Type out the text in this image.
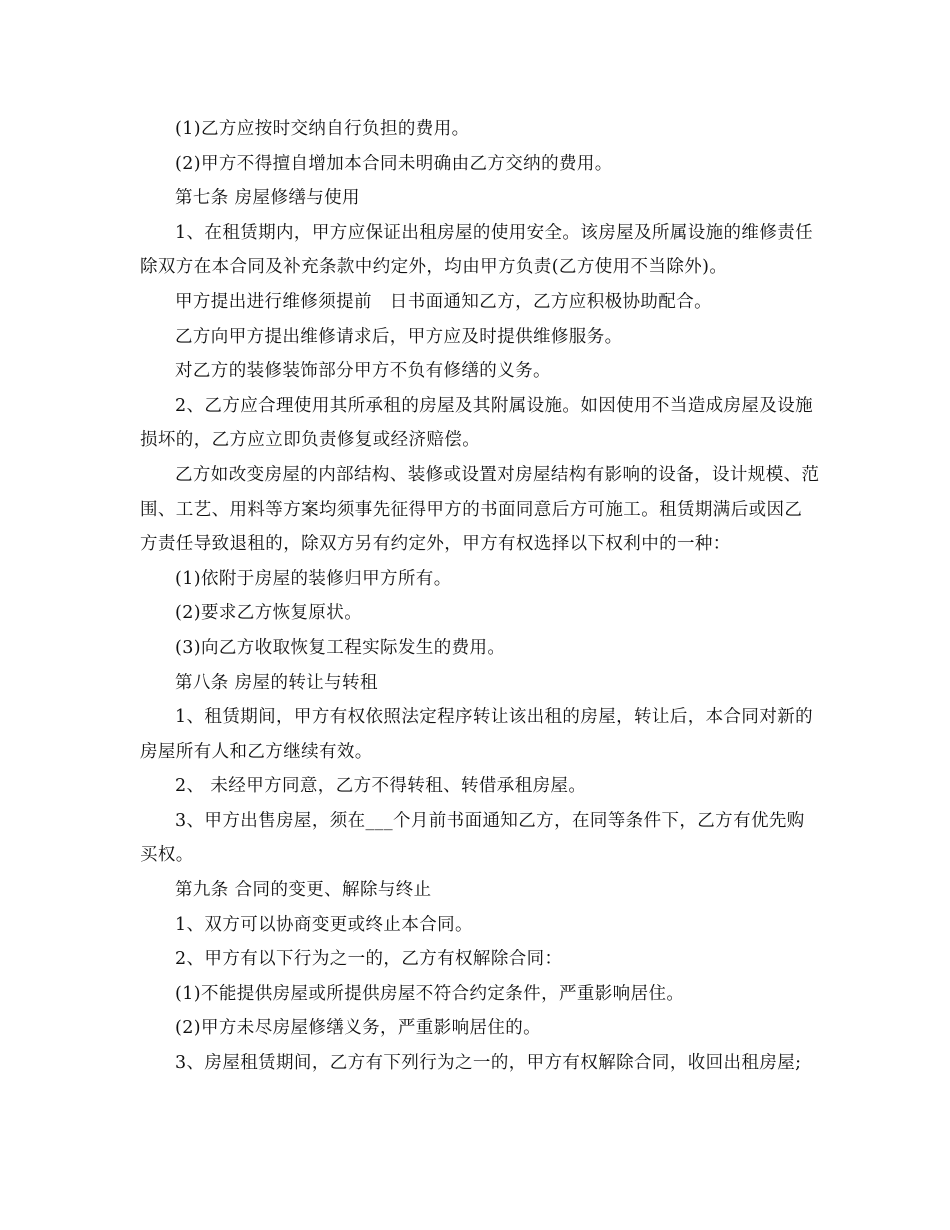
(1)乙方应按时交纳自行负担的费用。

(2)甲方不得擅自增加本合同未明确由乙方交纳的费用。

第七条 房屋修缮与使用

1、在租赁期内，甲方应保证出租房屋的使用安全。该房屋及所属设施的维修责任除双方在本合同及补充条款中约定外，均由甲方负责(乙方使用不当除外)。

甲方提出进行维修须提前　日书面通知乙方，乙方应积极协助配合。

乙方向甲方提出维修请求后，甲方应及时提供维修服务。

对乙方的装修装饰部分甲方不负有修缮的义务。

2、乙方应合理使用其所承租的房屋及其附属设施。如因使用不当造成房屋及设施损坏的，乙方应立即负责修复或经济赔偿。

乙方如改变房屋的内部结构、装修或设置对房屋结构有影响的设备，设计规模、范围、工艺、用料等方案均须事先征得甲方的书面同意后方可施工。租赁期满后或因乙方责任导致退租的，除双方另有约定外，甲方有权选择以下权利中的一种：

(1)依附于房屋的装修归甲方所有。

(2)要求乙方恢复原状。

(3)向乙方收取恢复工程实际发生的费用。

第八条 房屋的转让与转租

1、租赁期间，甲方有权依照法定程序转让该出租的房屋，转让后，本合同对新的房屋所有人和乙方继续有效。

2、 未经甲方同意，乙方不得转租、转借承租房屋。

3、甲方出售房屋，须在___个月前书面通知乙方，在同等条件下，乙方有优先购买权。

第九条 合同的变更、解除与终止

1、双方可以协商变更或终止本合同。

2、甲方有以下行为之一的，乙方有权解除合同：

(1)不能提供房屋或所提供房屋不符合约定条件，严重影响居住。

(2)甲方未尽房屋修缮义务，严重影响居住的。

3、房屋租赁期间，乙方有下列行为之一的，甲方有权解除合同，收回出租房屋;
